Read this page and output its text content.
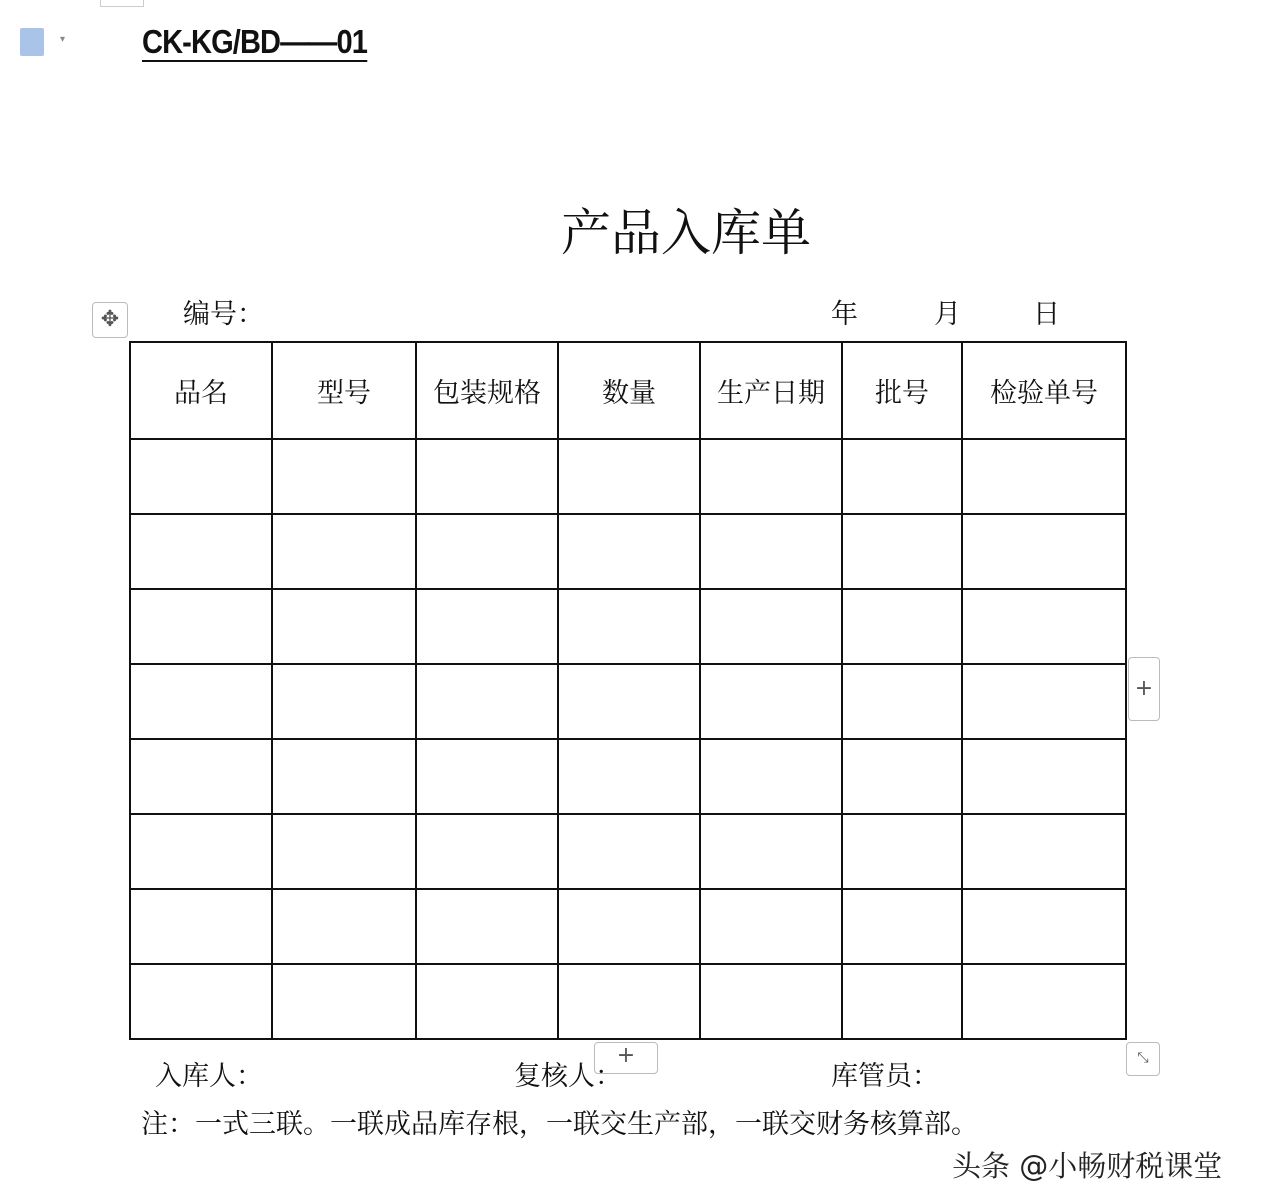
▾ CK-KG/BD——01
产品入库单
✥	编号：	年	月	日
品名	型号	包装规格	数量	生产日期	批号	检验单号

+
+	⤡
入库人：	复核人：	库管员：
注：一式三联。一联成品库存根，一联交生产部，一联交财务核算部。
头条 @小畅财税课堂
